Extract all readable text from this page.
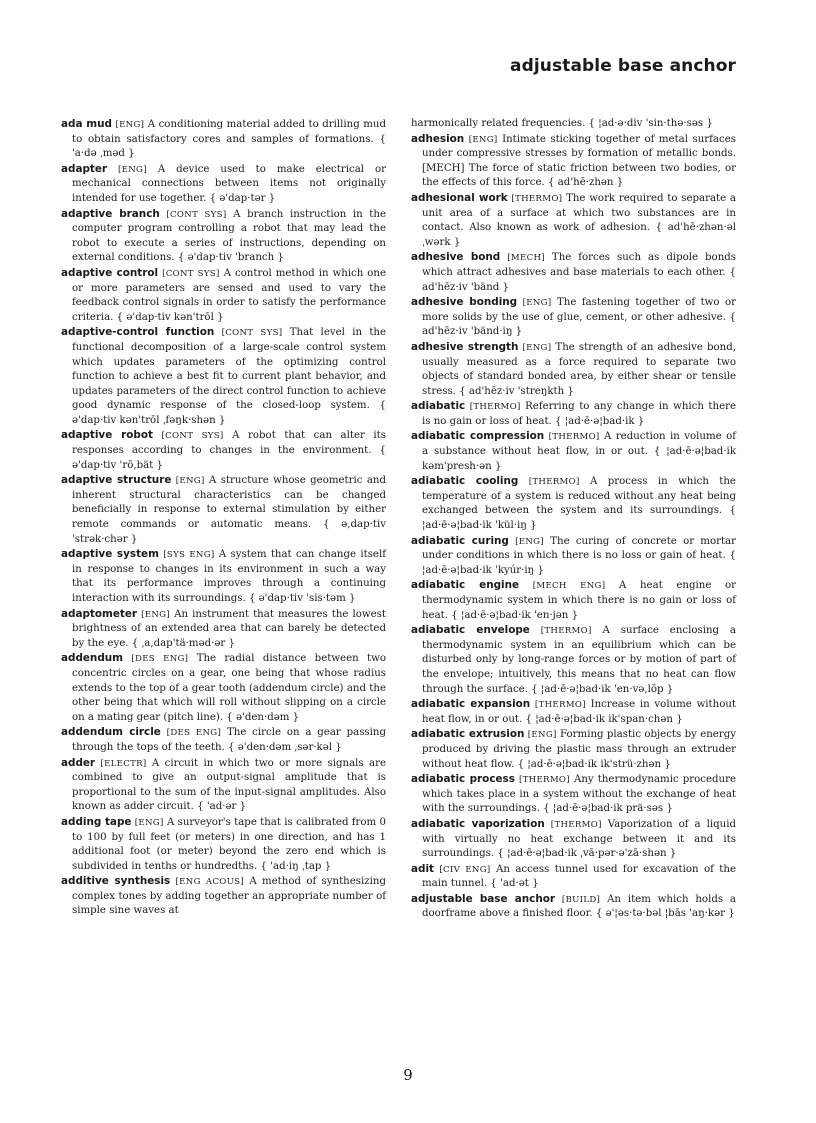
adjustable base anchor

ada mud [ENG] A conditioning material added to drilling mud to obtain satisfactory cores and samples of formations. { 'a·də ˌməd }

adapter [ENG] A device used to make electrical or mechanical connections between items not originally intended for use together. { ə'dap·tər }

adaptive branch [CONT SYS] A branch instruction in the computer program controlling a robot that may lead the robot to execute a series of instructions, depending on external conditions. { ə'dap·tiv 'branch }

adaptive control [CONT SYS] A control method in which one or more parameters are sensed and used to vary the feedback control signals in order to satisfy the performance criteria. { ə'dap·tiv kən'trōl }

adaptive-control function [CONT SYS] That level in the functional decomposition of a large-scale control system which updates parameters of the optimizing control function to achieve a best fit to current plant behavior, and updates parameters of the direct control function to achieve good dynamic response of the closed-loop system. { ə'dap·tiv kən'trōl ˌfəŋk·shən }

adaptive robot [CONT SYS] A robot that can alter its responses according to changes in the environment. { ə'dap·tiv 'rō,bät }

adaptive structure [ENG] A structure whose geometric and inherent structural characteristics can be changed beneficially in response to external stimulation by either remote commands or automatic means. { ə,dap·tiv 'strək·chər }

adaptive system [SYS ENG] A system that can change itself in response to changes in its environment in such a way that its performance improves through a continuing interaction with its surroundings. { ə'dap·tiv 'sis·təm }

adaptometer [ENG] An instrument that measures the lowest brightness of an extended area that can barely be detected by the eye. { ˌa,dap'tä·məd·ər }

addendum [DES ENG] The radial distance between two concentric circles on a gear, one being that whose radius extends to the top of a gear tooth (addendum circle) and the other being that which will roll without slipping on a circle on a mating gear (pitch line). { ə'den·dəm }

addendum circle [DES ENG] The circle on a gear passing through the tops of the teeth. { ə'den·dəm ˌsər·kəl }

adder [ELECTR] A circuit in which two or more signals are combined to give an output-signal amplitude that is proportional to the sum of the input-signal amplitudes. Also known as adder circuit. { 'ad·ər }

adding tape [ENG] A surveyor's tape that is calibrated from 0 to 100 by full feet (or meters) in one direction, and has 1 additional foot (or meter) beyond the zero end which is subdivided in tenths or hundredths. { 'ad·iŋ ˌtap }

additive synthesis [ENG ACOUS] A method of synthesizing complex tones by adding together an appropriate number of simple sine waves at

harmonically related frequencies. { ¦ad·ə·div 'sin·thə·səs }

adhesion [ENG] Intimate sticking together of metal surfaces under compressive stresses by formation of metallic bonds. [MECH] The force of static friction between two bodies, or the effects of this force. { ad'hē·zhən }

adhesional work [THERMO] The work required to separate a unit area of a surface at which two substances are in contact. Also known as work of adhesion. { ad'hē·zhən·əl ˌwərk }

adhesive bond [MECH] The forces such as dipole bonds which attract adhesives and base materials to each other. { ad'hēz·iv 'bänd }

adhesive bonding [ENG] The fastening together of two or more solids by the use of glue, cement, or other adhesive. { ad'hēz·iv 'bänd·iŋ }

adhesive strength [ENG] The strength of an adhesive bond, usually measured as a force required to separate two objects of standard bonded area, by either shear or tensile stress. { ad'hēz·iv 'streŋkth }

adiabatic [THERMO] Referring to any change in which there is no gain or loss of heat. { ¦ad·ē·ə¦bad·ik }

adiabatic compression [THERMO] A reduction in volume of a substance without heat flow, in or out. { ¦ad·ē·ə¦bad·ik kəm'presh·ən }

adiabatic cooling [THERMO] A process in which the temperature of a system is reduced without any heat being exchanged between the system and its surroundings. { ¦ad·ē·ə¦bad·ik 'kül·iŋ }

adiabatic curing [ENG] The curing of concrete or mortar under conditions in which there is no loss or gain of heat. { ¦ad·ē·ə¦bad·ik 'kyúr·iŋ }

adiabatic engine [MECH ENG] A heat engine or thermodynamic system in which there is no gain or loss of heat. { ¦ad·ē·ə¦bad·ik 'en·jən }

adiabatic envelope [THERMO] A surface enclosing a thermodynamic system in an equilibrium which can be disturbed only by long-range forces or by motion of part of the envelope; intuitively, this means that no heat can flow through the surface. { ¦ad·ē·ə¦bad·ik 'en·və,lōp }

adiabatic expansion [THERMO] Increase in volume without heat flow, in or out. { ¦ad·ē·ə¦bad·ik ik'span·chən }

adiabatic extrusion [ENG] Forming plastic objects by energy produced by driving the plastic mass through an extruder without heat flow. { ¦ad·ē·ə¦bad·ik ik'strü·zhən }

adiabatic process [THERMO] Any thermodynamic procedure which takes place in a system without the exchange of heat with the surroundings. { ¦ad·ē·ə¦bad·ik prä·səs }

adiabatic vaporization [THERMO] Vaporization of a liquid with virtually no heat exchange between it and its surroundings. { ¦ad·ē·ə¦bad·ik ˌvā·pər·ə'zā·shən }

adit [CIV ENG] An access tunnel used for excavation of the main tunnel. { 'ad·ət }

adjustable base anchor [BUILD] An item which holds a doorframe above a finished floor. { ə'¦əs·tə·bəl ¦bās 'aŋ·kər }

9
